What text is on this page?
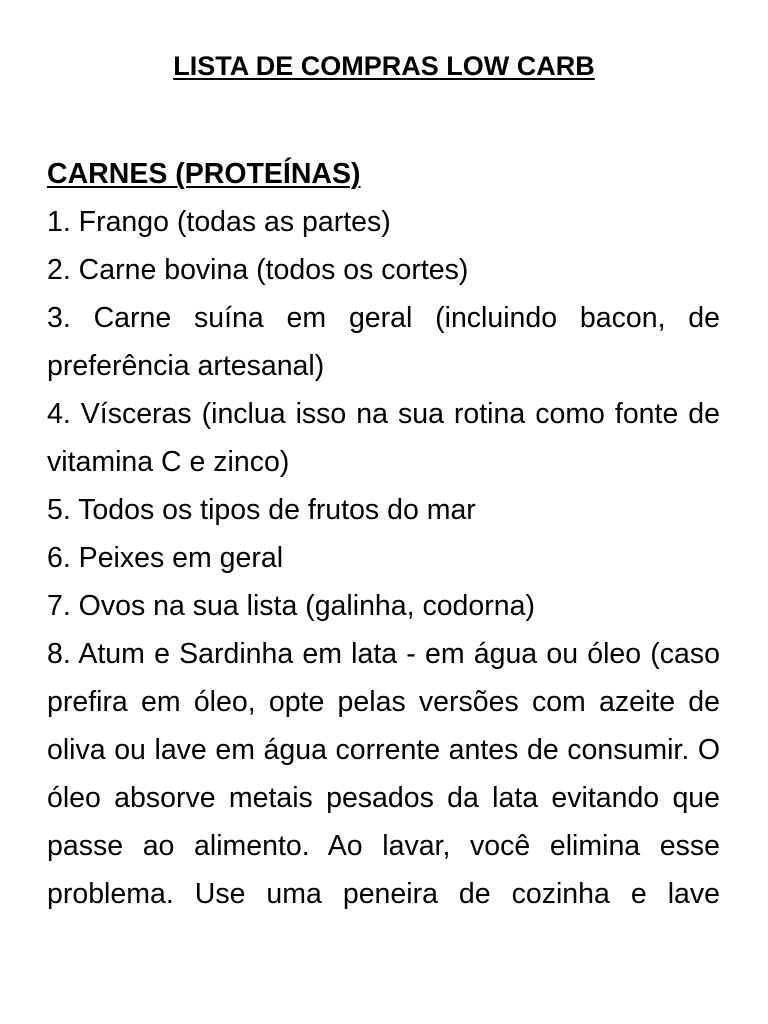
LISTA DE COMPRAS LOW CARB
CARNES (PROTEÍNAS)
1. Frango (todas as partes)
2. Carne bovina (todos os cortes)
3. Carne suína em geral (incluindo bacon, de preferência artesanal)
4. Vísceras (inclua isso na sua rotina como fonte de vitamina C e zinco)
5. Todos os tipos de frutos do mar
6. Peixes em geral
7. Ovos na sua lista (galinha, codorna)
8. Atum e Sardinha em lata - em água ou óleo (caso prefira em óleo, opte pelas versões com azeite de oliva ou lave em água corrente antes de consumir. O óleo absorve metais pesados da lata evitando que passe ao alimento. Ao lavar, você elimina esse problema. Use uma peneira de cozinha e lave
